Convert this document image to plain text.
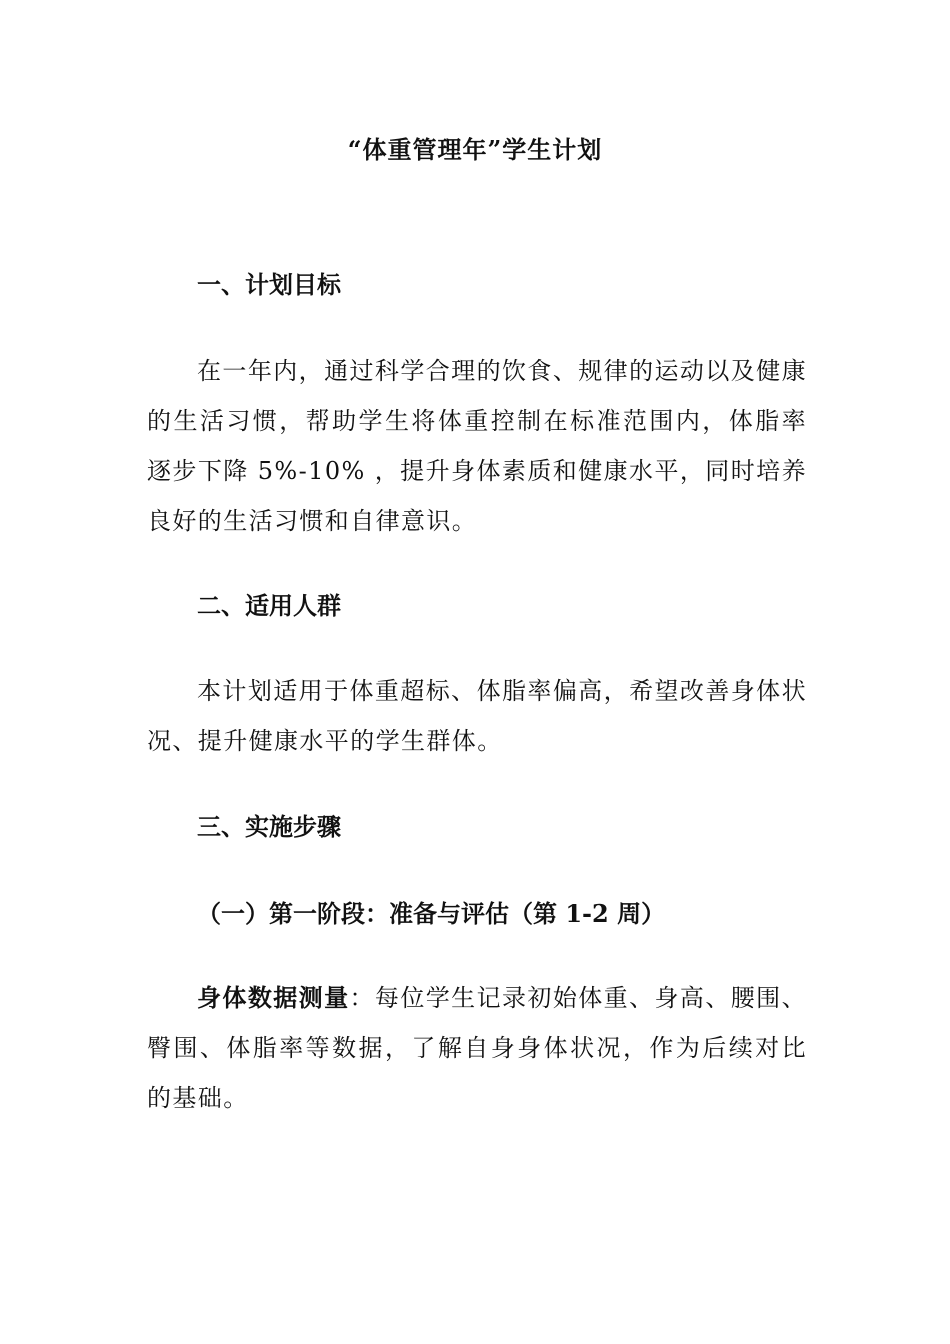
“体重管理年”学生计划
一、计划目标

在一年内，通过科学合理的饮食、规律的运动以及健康的生活习惯，帮助学生将体重控制在标准范围内，体脂率逐步下降 5%-10% ，提升身体素质和健康水平，同时培养良好的生活习惯和自律意识。

二、适用人群

本计划适用于体重超标、体脂率偏高，希望改善身体状况、提升健康水平的学生群体。

三、实施步骤
（一）第一阶段：准备与评估（第 1-2 周）

身体数据测量：每位学生记录初始体重、身高、腰围、臀围、体脂率等数据，了解自身身体状况，作为后续对比的基础。
